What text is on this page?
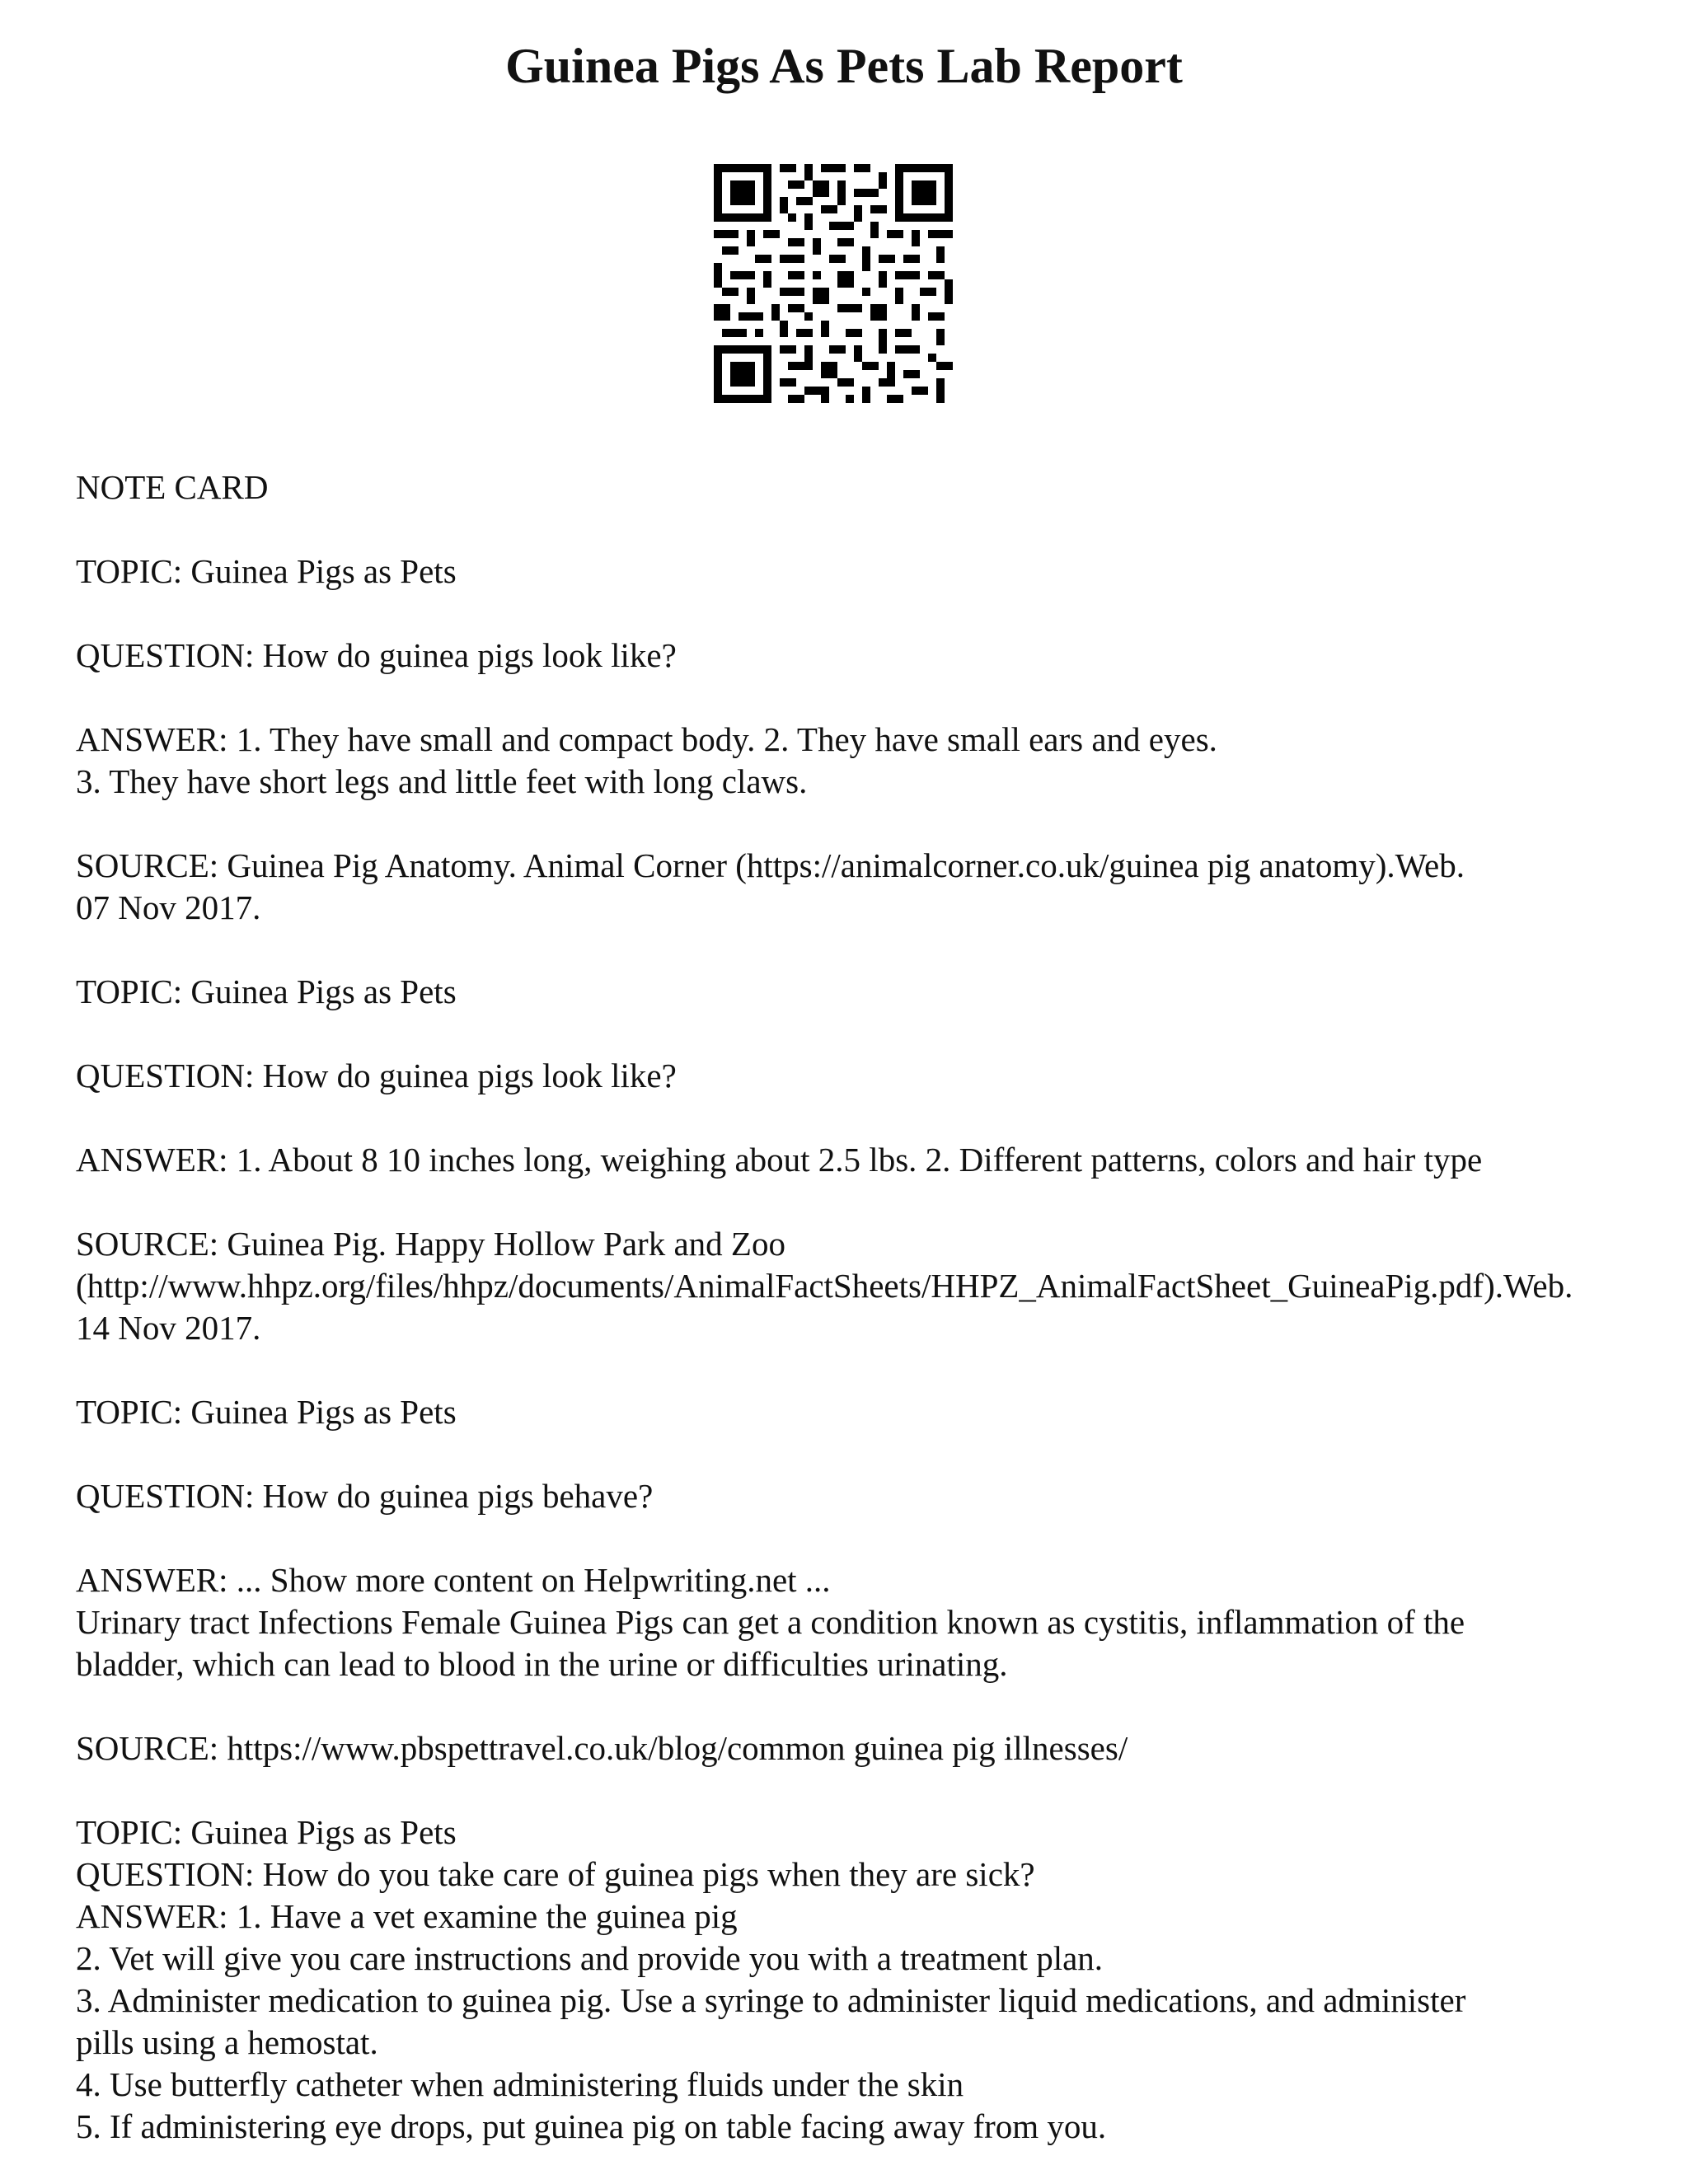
Guinea Pigs As Pets Lab Report

NOTE CARD

TOPIC: Guinea Pigs as Pets

QUESTION: How do guinea pigs look like?

ANSWER: 1. They have small and compact body. 2. They have small ears and eyes.
3. They have short legs and little feet with long claws.

SOURCE: Guinea Pig Anatomy. Animal Corner (https://animalcorner.co.uk/guinea pig anatomy).Web.
07 Nov 2017.

TOPIC: Guinea Pigs as Pets

QUESTION: How do guinea pigs look like?

ANSWER: 1. About 8 10 inches long, weighing about 2.5 lbs. 2. Different patterns, colors and hair type

SOURCE: Guinea Pig. Happy Hollow Park and Zoo
(http://www.hhpz.org/files/hhpz/documents/AnimalFactSheets/HHPZ_AnimalFactSheet_GuineaPig.pdf).Web.
14 Nov 2017.

TOPIC: Guinea Pigs as Pets

QUESTION: How do guinea pigs behave?

ANSWER: ... Show more content on Helpwriting.net ...
Urinary tract Infections Female Guinea Pigs can get a condition known as cystitis, inflammation of the
bladder, which can lead to blood in the urine or difficulties urinating.

SOURCE: https://www.pbspettravel.co.uk/blog/common guinea pig illnesses/

TOPIC: Guinea Pigs as Pets
QUESTION: How do you take care of guinea pigs when they are sick?
ANSWER: 1. Have a vet examine the guinea pig
2. Vet will give you care instructions and provide you with a treatment plan.
3. Administer medication to guinea pig. Use a syringe to administer liquid medications, and administer
pills using a hemostat.
4. Use butterfly catheter when administering fluids under the skin
5. If administering eye drops, put guinea pig on table facing away from you.
